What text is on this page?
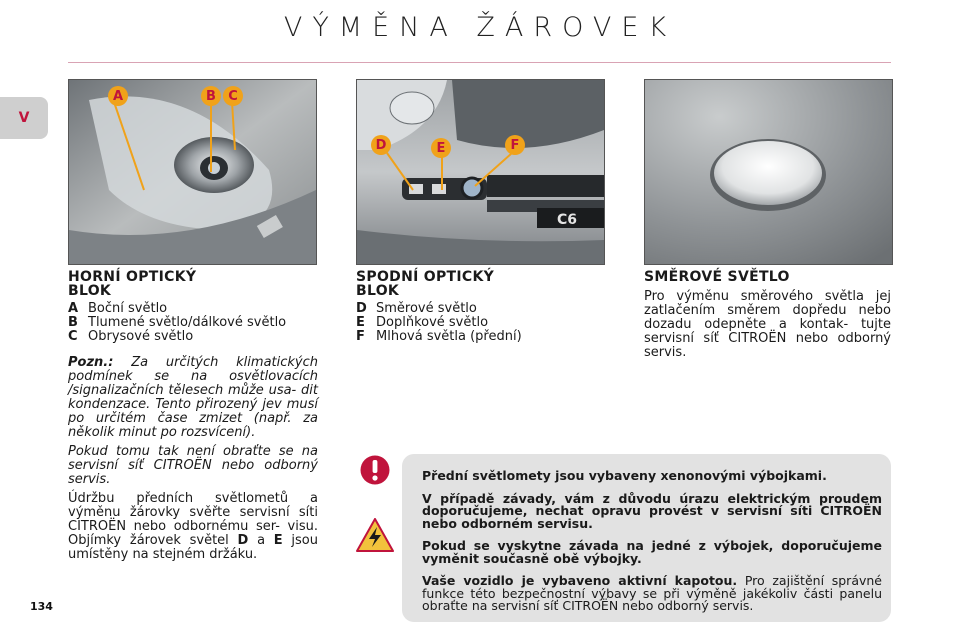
VÝMĚNA ŽÁROVEK
V
A	B C
C6
D	E	F
HORNÍ OPTICKÝ
BLOK
A Boční světlo
B Tlumené světlo/dálkové světlo
C Obrysové světlo

Pozn.: Za určitých klimatických podmínek se na osvětlovacích /signalizačních tělesech může usa- dit kondenzace. Tento přirozený jev musí po určitém čase zmizet (např. za několik minut po rozsvícení).

Pokud tomu tak není obraťte se na servisní síť CITROËN nebo odborný servis.

Údržbu předních světlometů a výměnu žárovky svěřte servisní síti CITROËN nebo odbornému ser- visu. Objímky žárovek světel D a E jsou umístěny na stejném držáku.

SPODNÍ OPTICKÝ
BLOK
D Směrové světlo
E Doplňkové světlo
F Mlhová světla (přední)
SMĚROVÉ SVĚTLO

Pro výměnu směrového světla jej zatlačením směrem dopředu nebo dozadu odepněte a kontak- tujte servisní síť CITROËN nebo odborný servis.

Přední světlomety jsou vybaveny xenonovými výbojkami.

V případě závady, vám z důvodu úrazu elektrickým proudem doporučujeme, nechat opravu provést v servisní síti CITROËN nebo odborném servisu.

Pokud se vyskytne závada na jedné z výbojek, doporučujeme vyměnit současně obě výbojky.

Vaše vozidlo je vybaveno aktivní kapotou. Pro zajištění správné funkce této bezpečnostní výbavy se při výměně jakékoliv části panelu obraťte na servisní síť CITROËN nebo odborný servis.

134
